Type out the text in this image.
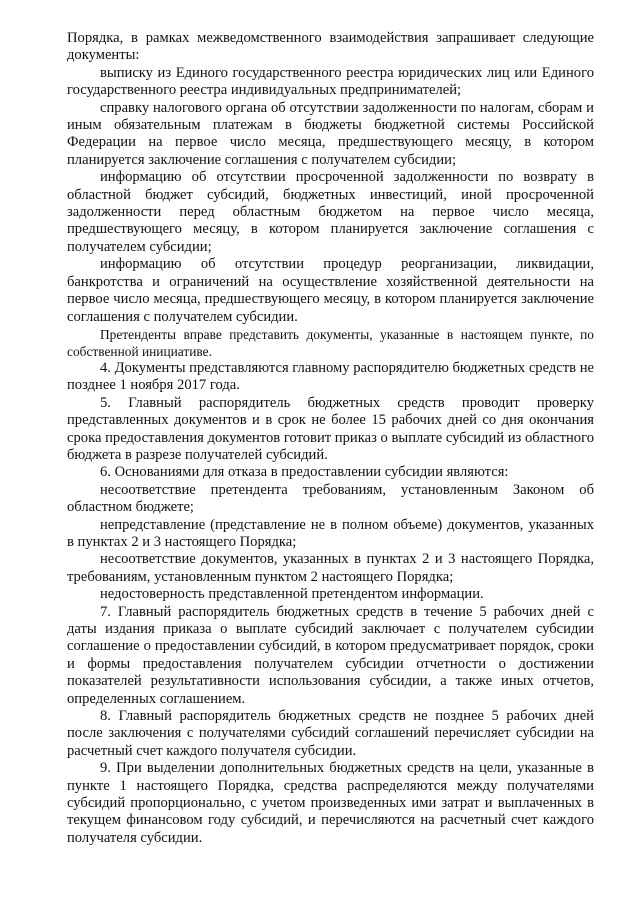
Порядка, в рамках межведомственного взаимодействия запрашивает следующие документы:

выписку из Единого государственного реестра юридических лиц или Единого государственного реестра индивидуальных предпринимателей;

справку налогового органа об отсутствии задолженности по налогам, сборам и иным обязательным платежам в бюджеты бюджетной системы Российской Федерации на первое число месяца, предшествующего месяцу, в котором планируется заключение соглашения с получателем субсидии;

информацию об отсутствии просроченной задолженности по возврату в областной бюджет субсидий, бюджетных инвестиций, иной просроченной задолженности перед областным бюджетом на первое число месяца, предшествующего месяцу, в котором планируется заключение соглашения с получателем субсидии;

информацию об отсутствии процедур реорганизации, ликвидации, банкротства и ограничений на осуществление хозяйственной деятельности на первое число месяца, предшествующего месяцу, в котором планируется заключение соглашения с получателем субсидии.

Претенденты вправе представить документы, указанные в настоящем пункте, по собственной инициативе.

4. Документы представляются главному распорядителю бюджетных средств не позднее 1 ноября 2017 года.

5. Главный распорядитель бюджетных средств проводит проверку представленных документов и в срок не более 15 рабочих дней со дня окончания срока предоставления документов готовит приказ о выплате субсидий из областного бюджета в разрезе получателей субсидий.

6. Основаниями для отказа в предоставлении субсидии являются:

несоответствие претендента требованиям, установленным Законом об областном бюджете;

непредставление (представление не в полном объеме) документов, указанных в пунктах 2 и 3 настоящего Порядка;

несоответствие документов, указанных в пунктах 2 и 3 настоящего Порядка, требованиям, установленным пунктом 2 настоящего Порядка;

недостоверность представленной претендентом информации.

7. Главный распорядитель бюджетных средств в течение 5 рабочих дней с даты издания приказа о выплате субсидий заключает с получателем субсидии соглашение о предоставлении субсидий, в котором предусматривает порядок, сроки и формы предоставления получателем субсидии отчетности о достижении показателей результативности использования субсидии, а также иных отчетов, определенных соглашением.

8. Главный распорядитель бюджетных средств не позднее 5 рабочих дней после заключения с получателями субсидий соглашений перечисляет субсидии на расчетный счет каждого получателя субсидии.

9. При выделении дополнительных бюджетных средств на цели, указанные в пункте 1 настоящего Порядка, средства распределяются между получателями субсидий пропорционально, с учетом произведенных ими затрат и выплаченных в текущем финансовом году субсидий, и перечисляются на расчетный счет каждого получателя субсидии.
